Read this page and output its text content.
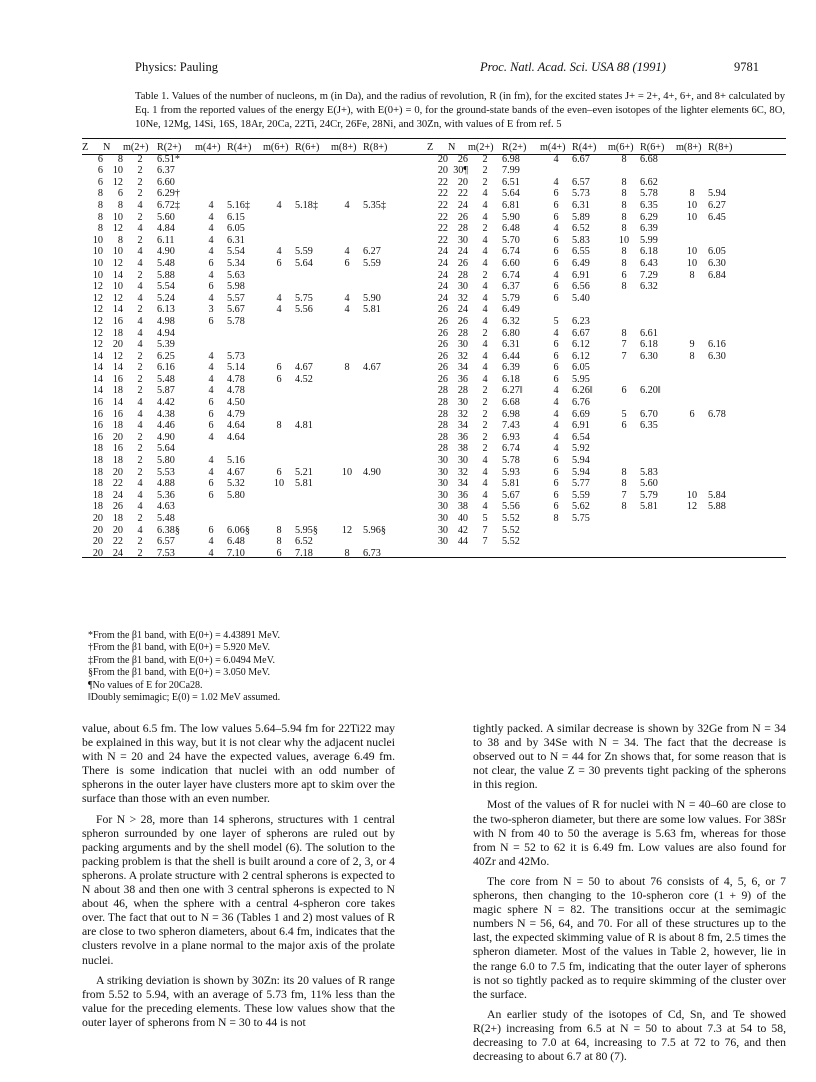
Physics: Pauling	Proc. Natl. Acad. Sci. USA 88 (1991)	9781
Table 1. Values of the number of nucleons, m (in Da), and the radius of revolution, R (in fm), for the excited states J+ = 2+, 4+, 6+, and 8+ calculated by Eq. 1 from the reported values of the energy E(J+), with E(0+) = 0, for the ground-state bands of the even–even isotopes of the lighter elements 6C, 8O, 10Ne, 12Mg, 14Si, 16S, 18Ar, 20Ca, 22Ti, 24Cr, 26Fe, 28Ni, and 30Zn, with values of E from ref. 5
Z	N	m(2+)	R(2+)	m(4+)	R(4+)	m(6+)	R(6+)	m(8+)	R(8+)
6	8	2	6.51*						
6	10	2	6.37						
6	12	2	6.60						
8	6	2	6.29†						
8	8	4	6.72‡	4	5.16‡	4	5.18‡	4	5.35‡
8	10	2	5.60	4	6.15				
8	12	4	4.84	4	6.05				
10	8	2	6.11	4	6.31				
10	10	4	4.90	4	5.54	4	5.59	4	6.27
10	12	4	5.48	6	5.34	6	5.64	6	5.59
10	14	2	5.88	4	5.63				
12	10	4	5.54	6	5.98				
12	12	4	5.24	4	5.57	4	5.75	4	5.90
12	14	2	6.13	3	5.67	4	5.56	4	5.81
12	16	4	4.98	6	5.78				
12	18	4	4.94						
12	20	4	5.39						
14	12	2	6.25	4	5.73				
14	14	2	6.16	4	5.14	6	4.67	8	4.67
14	16	2	5.48	4	4.78	6	4.52		
14	18	2	5.87	4	4.78				
16	14	4	4.42	6	4.50				
16	16	4	4.38	6	4.79				
16	18	4	4.46	6	4.64	8	4.81		
16	20	2	4.90	4	4.64				
18	16	2	5.64						
18	18	2	5.80	4	5.16				
18	20	2	5.53	4	4.67	6	5.21	10	4.90
18	22	4	4.88	6	5.32	10	5.81		
18	24	4	5.36	6	5.80				
18	26	4	4.63						
20	18	2	5.48						
20	20	4	6.38§	6	6.06§	8	5.95§	12	5.96§
20	22	2	6.57	4	6.48	8	6.52		
20	24	2	7.53	4	7.10	6	7.18	8	6.73
Z	N	m(2+)	R(2+)	m(4+)	R(4+)	m(6+)	R(6+)	m(8+)	R(8+)
20	26	2	6.98	4	6.67	8	6.68		
20	30¶	2	7.99						
22	20	2	6.51	4	6.57	8	6.62		
22	22	4	5.64	6	5.73	8	5.78	8	5.94
22	24	4	6.81	6	6.31	8	6.35	10	6.27
22	26	4	5.90	6	5.89	8	6.29	10	6.45
22	28	2	6.48	4	6.52	8	6.39		
22	30	4	5.70	6	5.83	10	5.99		
24	24	4	6.74	6	6.55	8	6.18	10	6.05
24	26	4	6.60	6	6.49	8	6.43	10	6.30
24	28	2	6.74	4	6.91	6	7.29	8	6.84
24	30	4	6.37	6	6.56	8	6.32		
24	32	4	5.79	6	5.40				
26	24	4	6.49						
26	26	4	6.32	5	6.23				
26	28	2	6.80	4	6.67	8	6.61		
26	30	4	6.31	6	6.12	7	6.18	9	6.16
26	32	4	6.44	6	6.12	7	6.30	8	6.30
26	34	4	6.39	6	6.05				
26	36	4	6.18	6	5.95				
28	28	2	6.27‖	4	6.26‖	6	6.20‖		
28	30	2	6.68	4	6.76				
28	32	2	6.98	4	6.69	5	6.70	6	6.78
28	34	2	7.43	4	6.91	6	6.35		
28	36	2	6.93	4	6.54				
28	38	2	6.74	4	5.92				
30	30	4	5.78	6	5.94				
30	32	4	5.93	6	5.94	8	5.83		
30	34	4	5.81	6	5.77	8	5.60		
30	36	4	5.67	6	5.59	7	5.79	10	5.84
30	38	4	5.56	6	5.62	8	5.81	12	5.88
30	40	5	5.52	8	5.75				
30	42	7	5.52						
30	44	7	5.52						
*From the β1 band, with E(0+) = 4.43891 MeV.
†From the β1 band, with E(0+) = 5.920 MeV.
‡From the β1 band, with E(0+) = 6.0494 MeV.
§From the β1 band, with E(0+) = 3.050 MeV.
¶No values of E for 20Ca28.
‖Doubly semimagic; E(0) = 1.02 MeV assumed.

value, about 6.5 fm. The low values 5.64–5.94 fm for 22Ti22 may be explained in this way, but it is not clear why the adjacent nuclei with N = 20 and 24 have the expected values, average 6.49 fm. There is some indication that nuclei with an odd number of spherons in the outer layer have clusters more apt to skim over the surface than those with an even number.

For N > 28, more than 14 spherons, structures with 1 central spheron surrounded by one layer of spherons are ruled out by packing arguments and by the shell model (6). The solution to the packing problem is that the shell is built around a core of 2, 3, or 4 spherons. A prolate structure with 2 central spherons is expected to N about 38 and then one with 3 central spherons is expected to N about 46, when the sphere with a central 4-spheron core takes over. The fact that out to N = 36 (Tables 1 and 2) most values of R are close to two spheron diameters, about 6.4 fm, indicates that the clusters revolve in a plane normal to the major axis of the prolate nuclei.

A striking deviation is shown by 30Zn: its 20 values of R range from 5.52 to 5.94, with an average of 5.73 fm, 11% less than the value for the preceding elements. These low values show that the outer layer of spherons from N = 30 to 44 is not

tightly packed. A similar decrease is shown by 32Ge from N = 34 to 38 and by 34Se with N = 34. The fact that the decrease is observed out to N = 44 for Zn shows that, for some reason that is not clear, the value Z = 30 prevents tight packing of the spherons in this region.

Most of the values of R for nuclei with N = 40–60 are close to the two-spheron diameter, but there are some low values. For 38Sr with N from 40 to 50 the average is 5.63 fm, whereas for those from N = 52 to 62 it is 6.49 fm. Low values are also found for 40Zr and 42Mo.

The core from N = 50 to about 76 consists of 4, 5, 6, or 7 spherons, then changing to the 10-spheron core (1 + 9) of the magic sphere N = 82. The transitions occur at the semimagic numbers N = 56, 64, and 70. For all of these structures up to the last, the expected skimming value of R is about 8 fm, 2.5 times the spheron diameter. Most of the values in Table 2, however, lie in the range 6.0 to 7.5 fm, indicating that the outer layer of spherons is not so tightly packed as to require skimming of the cluster over the surface.

An earlier study of the isotopes of Cd, Sn, and Te showed R(2+) increasing from 6.5 at N = 50 to about 7.3 at 54 to 58, decreasing to 7.0 at 64, increasing to 7.5 at 72 to 76, and then decreasing to about 6.7 at 80 (7).
